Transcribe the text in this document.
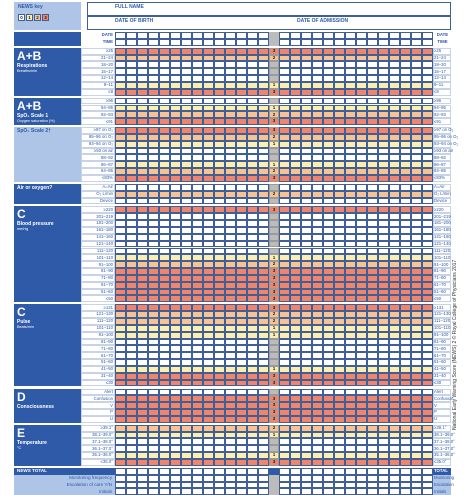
NEWS key
0	1	2	3
FULL NAME
DATE OF BIRTH	DATE OF ADMISSION
DATE	DATE
TIME	TIME
A+B
Respirations
Breaths/min
≥25	3	≥25
21–24	2	21–24
18–20	18–20
15–17	15–17
12–14	12–14
9–11	1	9–11
≤8	3	≤8
A+B
SpO₂ Scale 1
Oxygen saturation (%)
≥96	≥96
94–95	1	94–95
92–93	2	92–93
≤91	3	≤91
SpO₂ Scale 2†	≥97 on O₂	3	≥97 on O₂
95–96 on O₂	2	95–96 on O₂
93–94 on O₂	1	93–94 on O₂
≥93 on air	≥93 on air
88–92	88–92
86–87	1	86–87
84–85	2	84–85
≤83%	3	≤83%
Air or oxygen?	A=Air	A=Air
O₂ L/min	2	O₂ L/min
Device	Device
C
Blood pressure
mmHg
≥220	3	≥220
201–219	201–219
181–200	181–200
161–180	161–180
141–160	141–160
121–140	121–140
111–120	111–120
101–110	1	101–110
91–100	2	91–100
81–90	3	81–90
71–80	3	71–80
61–70	3	61–70
51–60	3	51–60
≤50	3	≤50
C
Pulse
Beats/min
≥131	3	≥131
121–130	2	121–130
111–120	2	111–120
101–110	1	101–110
91–100	1	91–100
81–90	81–90
71–80	71–80
61–70	61–70
51–60	51–60
41–50	1	41–50
31–40	3	31–40
≤30	3	≤30
D
Consciousness
Alert	Alert
Confusion	3	Confusion
V	3	V
P	3	P
U	3	U
E
Temperature
°C
≥39.1°	2	≥39.1°
38.1–39.0°	1	38.1–39.0°
37.1–38.0°	37.1–38.0°
36.1–37.0°	36.1–37.0°
35.1–36.0°	1	35.1–36.0°
≤35.0°	3	≤35.0°
NEWS TOTAL	TOTAL
Monitoring frequency	Monitoring
Escalation of care Y/N	Escalation
Initials	Initials
National Early Warning Score (NEWS) 2 © Royal College of Physicians 2017
